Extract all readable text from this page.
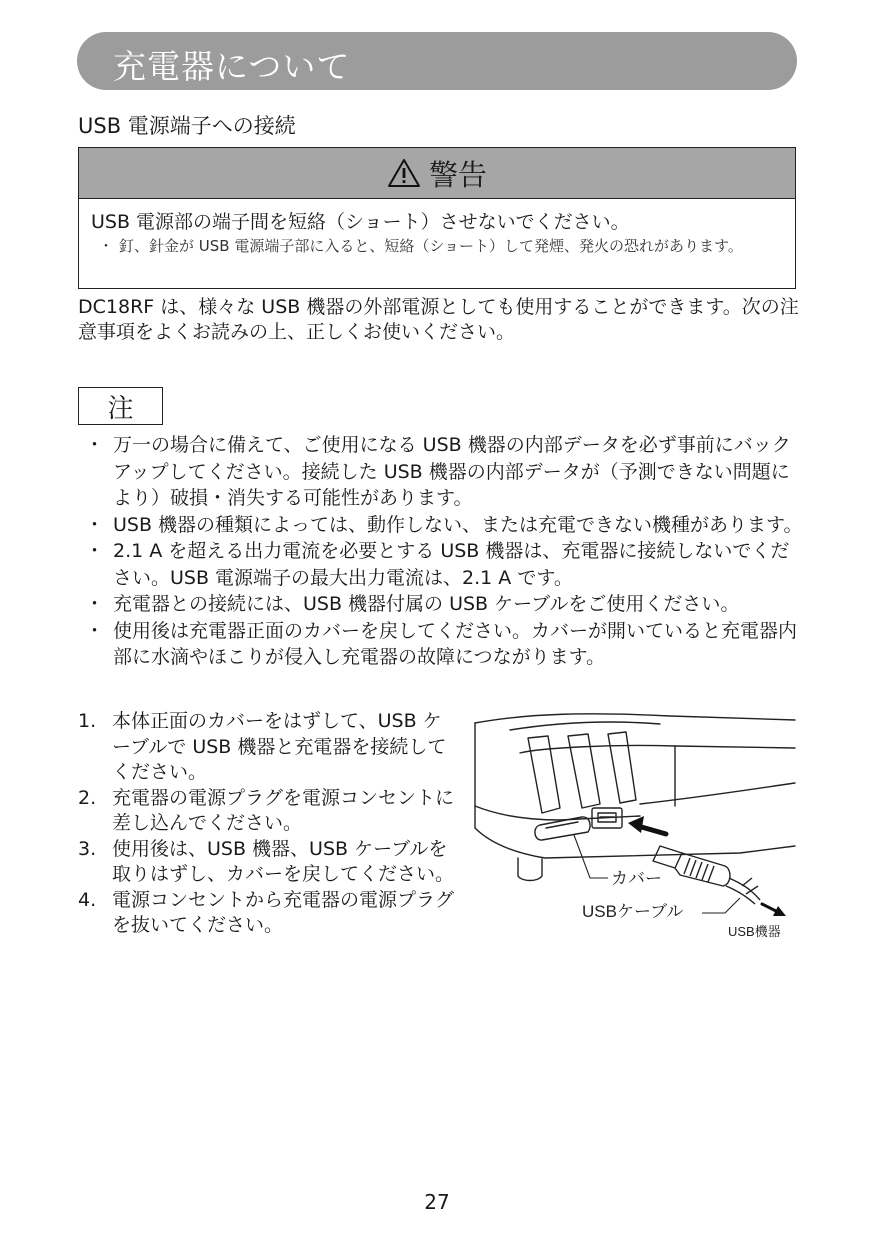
充電器について
USB 電源端子への接続
警告
USB 電源部の端子間を短絡（ショート）させないでください。
・ 釘、針金が USB 電源端子部に入ると、短絡（ショート）して発煙、発火の恐れがあります。
DC18RF は、様々な USB 機器の外部電源としても使用することができます。次の注意事項をよくお読みの上、正しくお使いください。
注
・ 万一の場合に備えて、ご使用になる USB 機器の内部データを必ず事前にバックアップしてください。接続した USB 機器の内部データが（予測できない問題により）破損・消失する可能性があります。
・ USB 機器の種類によっては、動作しない、または充電できない機種があります。
・ 2.1 A を超える出力電流を必要とする USB 機器は、充電器に接続しないでください。USB 電源端子の最大出力電流は、2.1 A です。
・ 充電器との接続には、USB 機器付属の USB ケーブルをご使用ください。
・ 使用後は充電器正面のカバーを戻してください。カバーが開いていると充電器内部に水滴やほこりが侵入し充電器の故障につながります。
1. 本体正面のカバーをはずして、USB ケーブルで USB 機器と充電器を接続してください。
2. 充電器の電源プラグを電源コンセントに差し込んでください。
3. 使用後は、USB 機器、USB ケーブルを取りはずし、カバーを戻してください。
4. 電源コンセントから充電器の電源プラグを抜いてください。
カバー
USBケーブル
USB機器
27
